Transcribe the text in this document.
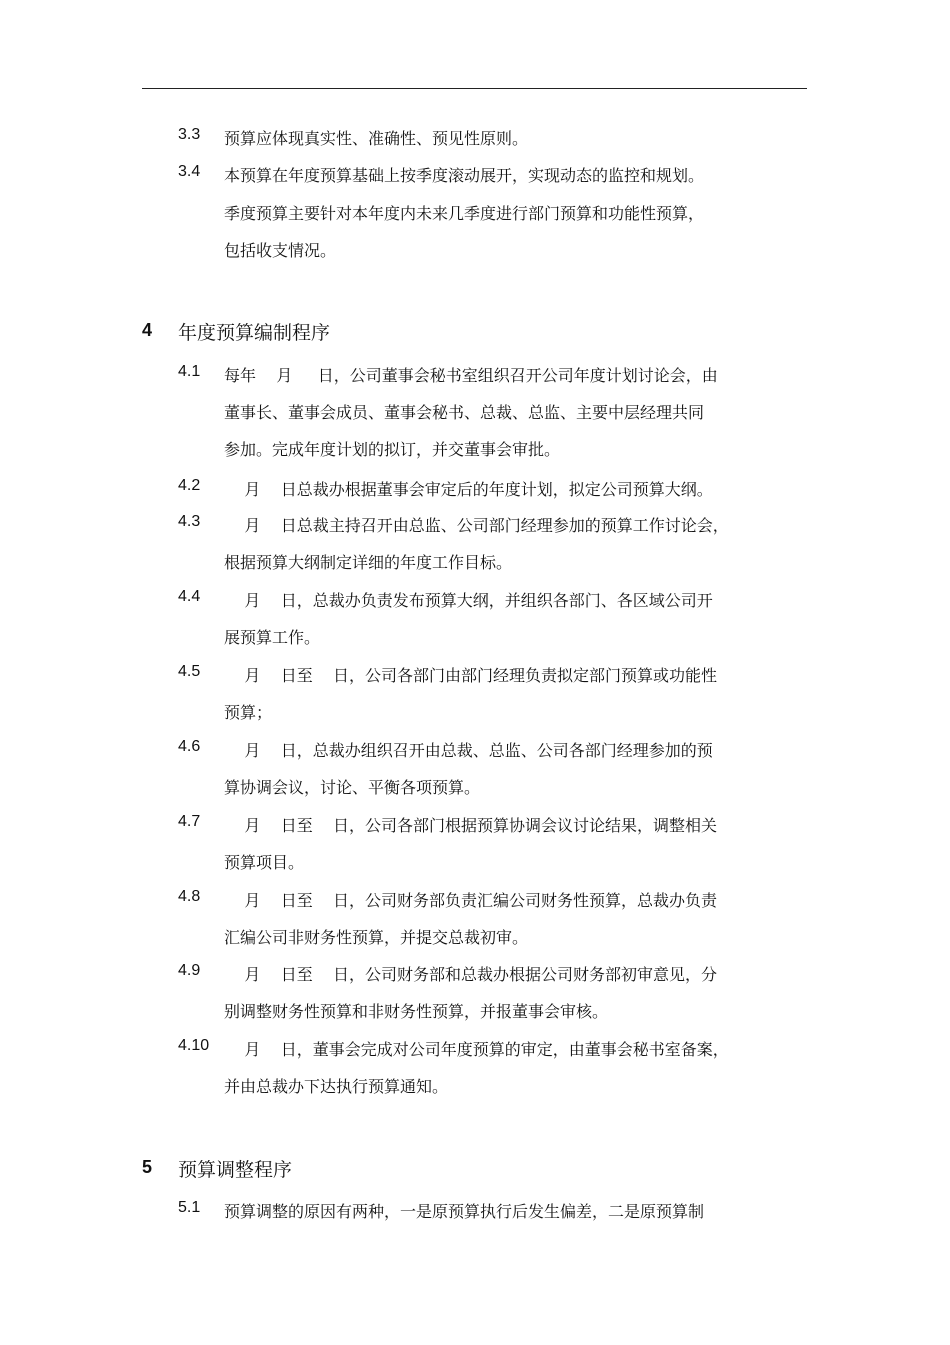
3.3 预算应体现真实性、准确性、预见性原则。
3.4 本预算在年度预算基础上按季度滚动展开，实现动态的监控和规划。
季度预算主要针对本年度内未来几季度进行部门预算和功能性预算，
包括收支情况。
4 年度预算编制程序
4.1 每年    月     日，公司董事会秘书室组织召开公司年度计划讨论会，由
董事长、董事会成员、董事会秘书、总裁、总监、主要中层经理共同
参加。完成年度计划的拟订，并交董事会审批。
4.2 月    日总裁办根据董事会审定后的年度计划，拟定公司预算大纲。
4.3 月    日总裁主持召开由总监、公司部门经理参加的预算工作讨论会，
根据预算大纲制定详细的年度工作目标。
4.4 月    日，总裁办负责发布预算大纲，并组织各部门、各区域公司开
展预算工作。
4.5 月    日至    日，公司各部门由部门经理负责拟定部门预算或功能性
预算；
4.6 月    日，总裁办组织召开由总裁、总监、公司各部门经理参加的预
算协调会议，讨论、平衡各项预算。
4.7 月    日至    日，公司各部门根据预算协调会议讨论结果，调整相关
预算项目。
4.8 月    日至    日，公司财务部负责汇编公司财务性预算，总裁办负责
汇编公司非财务性预算，并提交总裁初审。
4.9 月    日至    日，公司财务部和总裁办根据公司财务部初审意见，分
别调整财务性预算和非财务性预算，并报董事会审核。
4.10 月    日，董事会完成对公司年度预算的审定，由董事会秘书室备案，
并由总裁办下达执行预算通知。
5 预算调整程序
5.1 预算调整的原因有两种，一是原预算执行后发生偏差，二是原预算制
